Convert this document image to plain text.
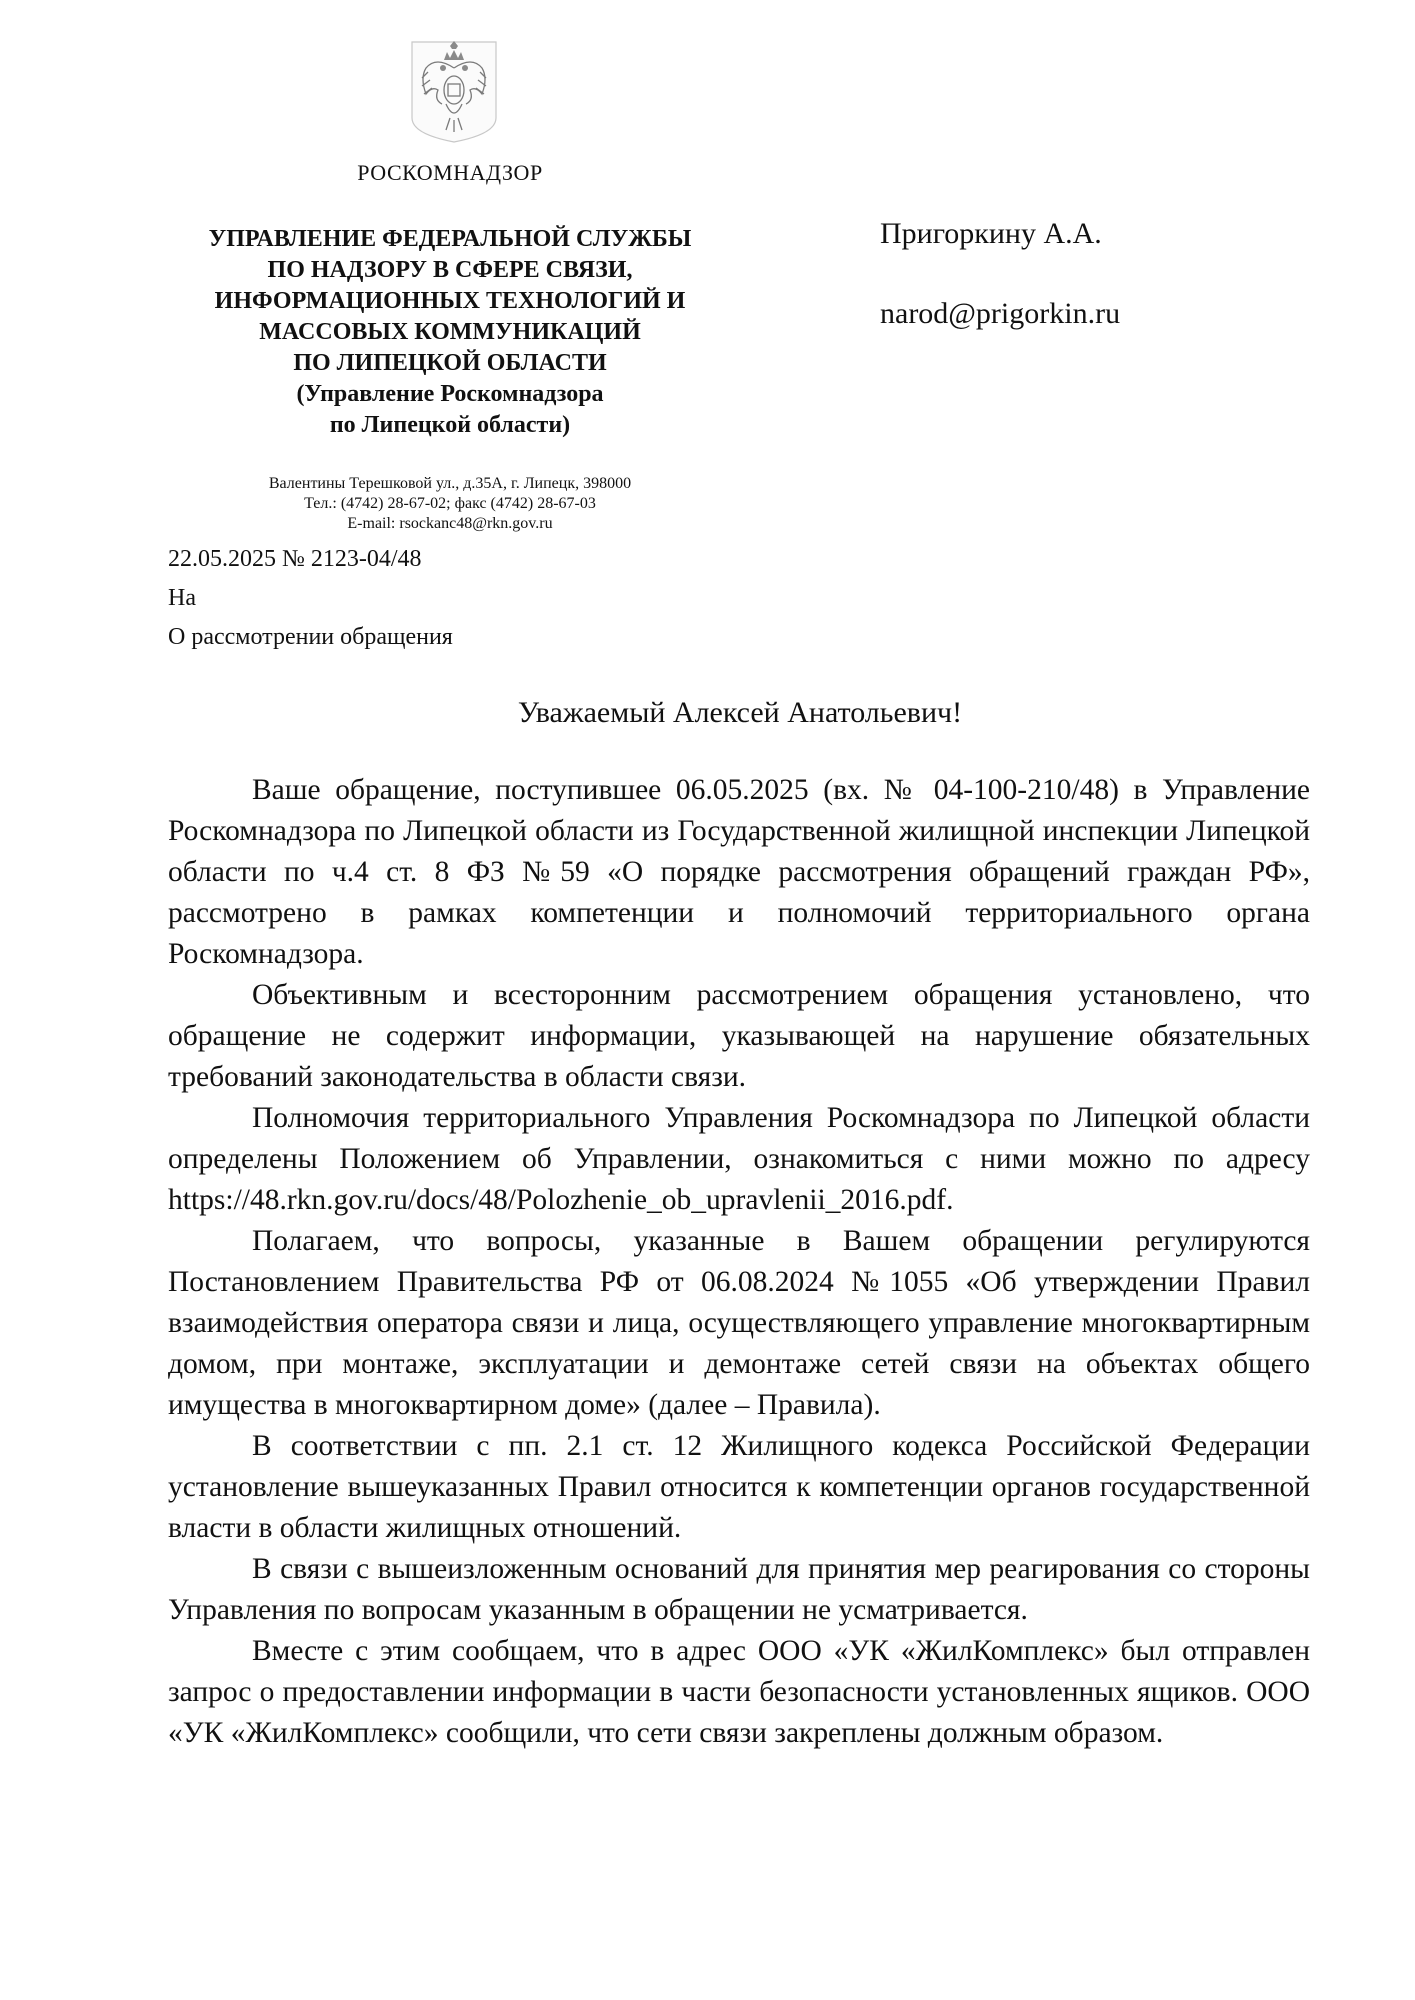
РОСКОМНАДЗОР
УПРАВЛЕНИЕ ФЕДЕРАЛЬНОЙ СЛУЖБЫ
ПО НАДЗОРУ В СФЕРЕ СВЯЗИ,
ИНФОРМАЦИОННЫХ ТЕХНОЛОГИЙ И
МАССОВЫХ КОММУНИКАЦИЙ
ПО ЛИПЕЦКОЙ ОБЛАСТИ
(Управление Роскомнадзора
по Липецкой области)
Валентины Терешковой ул., д.35А, г. Липецк, 398000
Тел.: (4742) 28-67-02; факс (4742) 28-67-03
E-mail: rsockanc48@rkn.gov.ru
Пригоркину А.А.
narod@prigorkin.ru
22.05.2025 № 2123-04/48
На
О рассмотрении обращения
Уважаемый Алексей Анатольевич!

Ваше обращение, поступившее 06.05.2025 (вх. № 04-100-210/48) в Управление Роскомнадзора по Липецкой области из Государственной жилищной инспекции Липецкой области по ч.4 ст. 8 ФЗ №59 «О порядке рассмотрения обращений граждан РФ», рассмотрено в рамках компетенции и полномочий территориального органа Роскомнадзора.

Объективным и всесторонним рассмотрением обращения установлено, что обращение не содержит информации, указывающей на нарушение обязательных требований законодательства в области связи.

Полномочия территориального Управления Роскомнадзора по Липецкой области определены Положением об Управлении, ознакомиться с ними можно по адресу https://48.rkn.gov.ru/docs/48/Polozhenie_ob_upravlenii_2016.pdf.

Полагаем, что вопросы, указанные в Вашем обращении регулируются Постановлением Правительства РФ от 06.08.2024 №1055 «Об утверждении Правил взаимодействия оператора связи и лица, осуществляющего управление многоквартирным домом, при монтаже, эксплуатации и демонтаже сетей связи на объектах общего имущества в многоквартирном доме» (далее – Правила).

В соответствии с пп. 2.1 ст. 12 Жилищного кодекса Российской Федерации установление вышеуказанных Правил относится к компетенции органов государственной власти в области жилищных отношений.

В связи с вышеизложенным оснований для принятия мер реагирования со стороны Управления по вопросам указанным в обращении не усматривается.

Вместе с этим сообщаем, что в адрес ООО «УК «ЖилКомплекс» был отправлен запрос о предоставлении информации в части безопасности установленных ящиков. ООО «УК «ЖилКомплекс» сообщили, что сети связи закреплены должным образом.
